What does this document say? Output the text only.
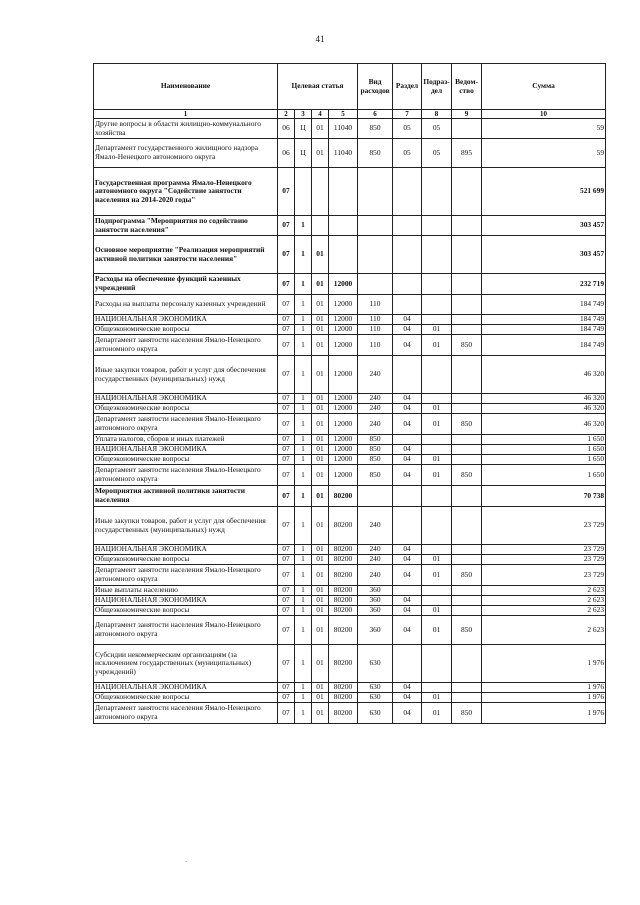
41
Наименование	Целевая статья				Вид расходов	Раздел	Подраз-дел	Ведом-ство	Сумма
1	2	3	4	5	6	7	8	9	10
Другие вопросы в области жилищно-коммунального хозяйства	06	Ц	01	11040	850	05	05		59
Департамент государственного жилищного надзора Ямало-Ненецкого автономного округа	06	Ц	01	11040	850	05	05	895	59
Государственная программа Ямало-Ненецкого автономного округа "Содействие занятости населения на 2014-2020 годы"	07								521 699
Подпрограмма "Мероприятия по содействию занятости населения"	07	1							303 457
Основное мероприятие "Реализация мероприятий активной политики занятости населения"	07	1	01						303 457
Расходы на обеспечение функций казенных учреждений	07	1	01	12000					232 719
Расходы на выплаты персоналу казенных учреждений	07	1	01	12000	110				184 749
НАЦИОНАЛЬНАЯ ЭКОНОМИКА	07	1	01	12000	110	04			184 749
Общеэкономические вопросы	07	1	01	12000	110	04	01		184 749
Департамент занятости населения Ямало-Ненецкого автономного округа	07	1	01	12000	110	04	01	850	184 749
Иные закупки товаров, работ и услуг для обеспечения государственных (муниципальных) нужд	07	1	01	12000	240				46 320
НАЦИОНАЛЬНАЯ ЭКОНОМИКА	07	1	01	12000	240	04			46 320
Общеэкономические вопросы	07	1	01	12000	240	04	01		46 320
Департамент занятости населения Ямало-Ненецкого автономного округа	07	1	01	12000	240	04	01	850	46 320
Уплата налогов, сборов и иных платежей	07	1	01	12000	850				1 650
НАЦИОНАЛЬНАЯ ЭКОНОМИКА	07	1	01	12000	850	04			1 650
Общеэкономические вопросы	07	1	01	12000	850	04	01		1 650
Департамент занятости населения Ямало-Ненецкого автономного округа	07	1	01	12000	850	04	01	850	1 650
Мероприятия активной политики занятости населения	07	1	01	80200					70 738
Иные закупки товаров, работ и услуг для обеспечения государственных (муниципальных) нужд	07	1	01	80200	240				23 729
НАЦИОНАЛЬНАЯ ЭКОНОМИКА	07	1	01	80200	240	04			23 729
Общеэкономические вопросы	07	1	01	80200	240	04	01		23 729
Департамент занятости населения Ямало-Ненецкого автономного округа	07	1	01	80200	240	04	01	850	23 729
Иные выплаты населению	07	1	01	80200	360				2 623
НАЦИОНАЛЬНАЯ ЭКОНОМИКА	07	1	01	80200	360	04			2 623
Общеэкономические вопросы	07	1	01	80200	360	04	01		2 623
Департамент занятости населения Ямало-Ненецкого автономного округа	07	1	01	80200	360	04	01	850	2 623
Субсидии некоммерческим организациям (за исключением государственных (муниципальных) учреждений)	07	1	01	80200	630				1 976
НАЦИОНАЛЬНАЯ ЭКОНОМИКА	07	1	01	80200	630	04			1 976
Общеэкономические вопросы	07	1	01	80200	630	04	01		1 976
Департамент занятости населения Ямало-Ненецкого автономного округа	07	1	01	80200	630	04	01	850	1 976
·
